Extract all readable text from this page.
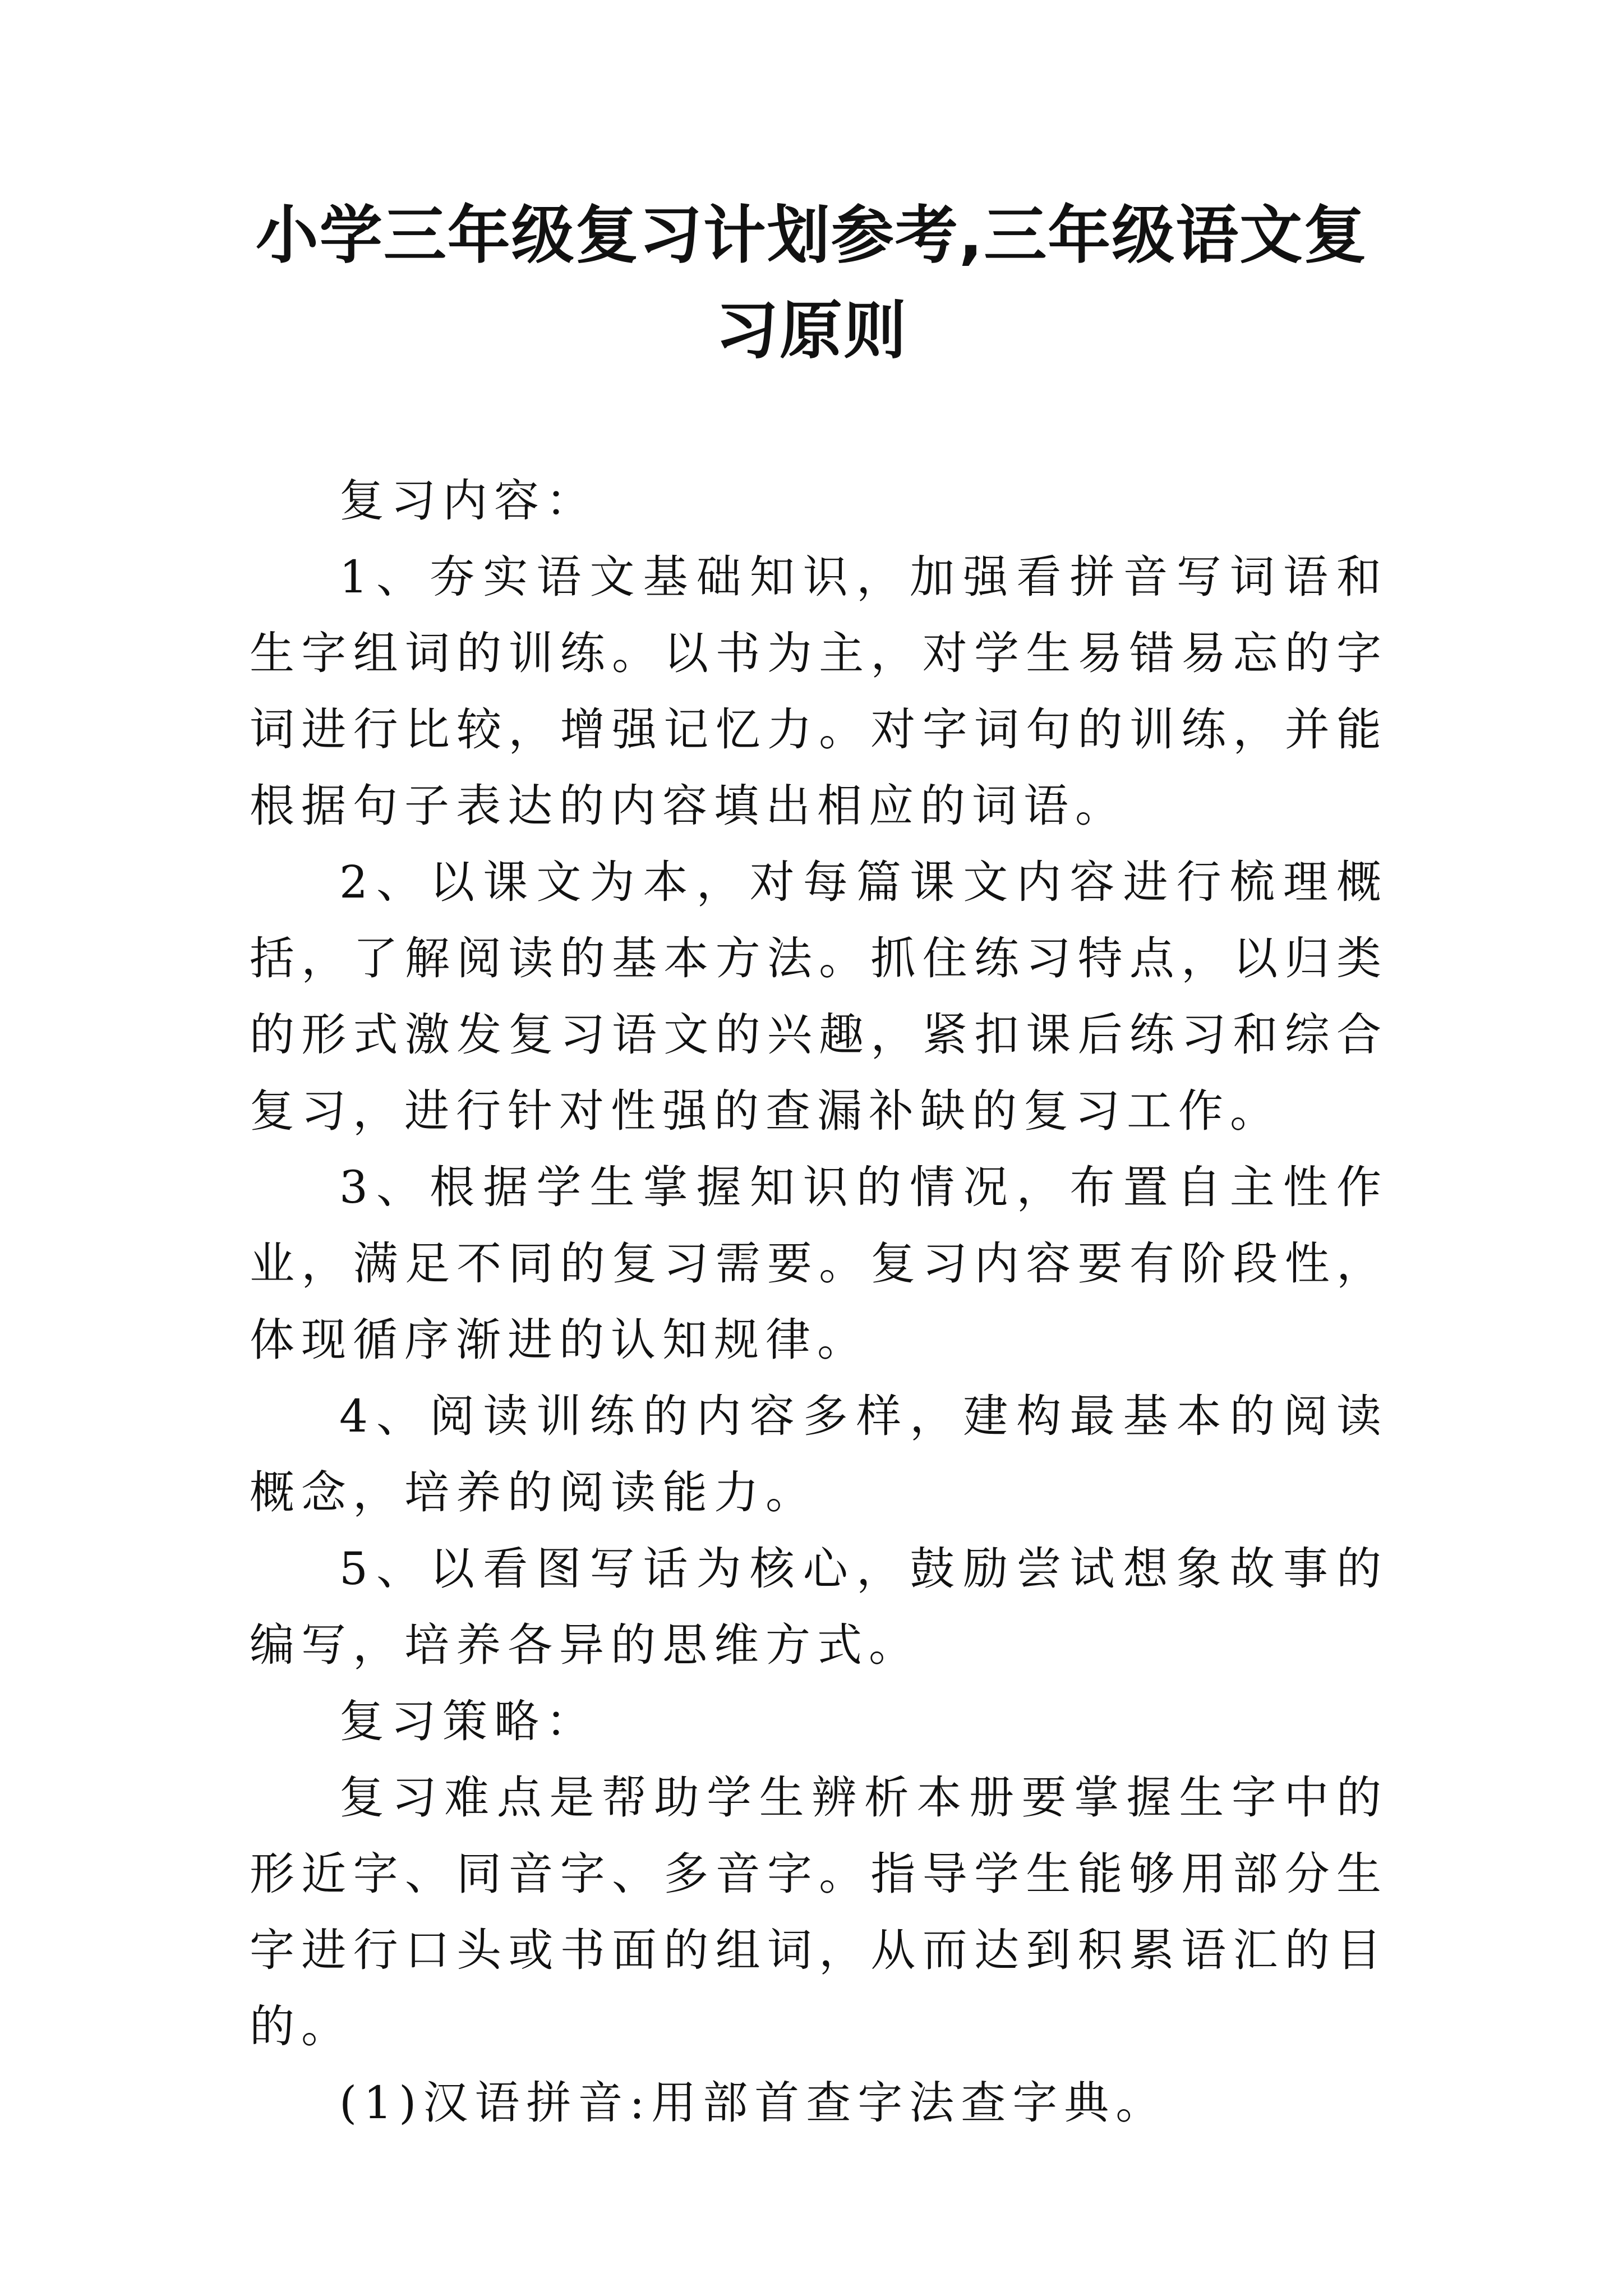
小学三年级复习计划参考,三年级语文复习原则

复习内容：

1、夯实语文基础知识，加强看拼音写词语和生字组词的训练。以书为主，对学生易错易忘的字词进行比较，增强记忆力。对字词句的训练，并能根据句子表达的内容填出相应的词语。

2、以课文为本，对每篇课文内容进行梳理概括，了解阅读的基本方法。抓住练习特点，以归类的形式激发复习语文的兴趣，紧扣课后练习和综合复习，进行针对性强的查漏补缺的复习工作。

3、根据学生掌握知识的情况，布置自主性作业，满足不同的复习需要。复习内容要有阶段性，体现循序渐进的认知规律。

4、阅读训练的内容多样，建构最基本的阅读概念，培养的阅读能力。

5、以看图写话为核心，鼓励尝试想象故事的编写，培养各异的思维方式。

复习策略：

复习难点是帮助学生辨析本册要掌握生字中的形近字、同音字、多音字。指导学生能够用部分生字进行口头或书面的组词，从而达到积累语汇的目的。

(1)汉语拼音:用部首查字法查字典。
